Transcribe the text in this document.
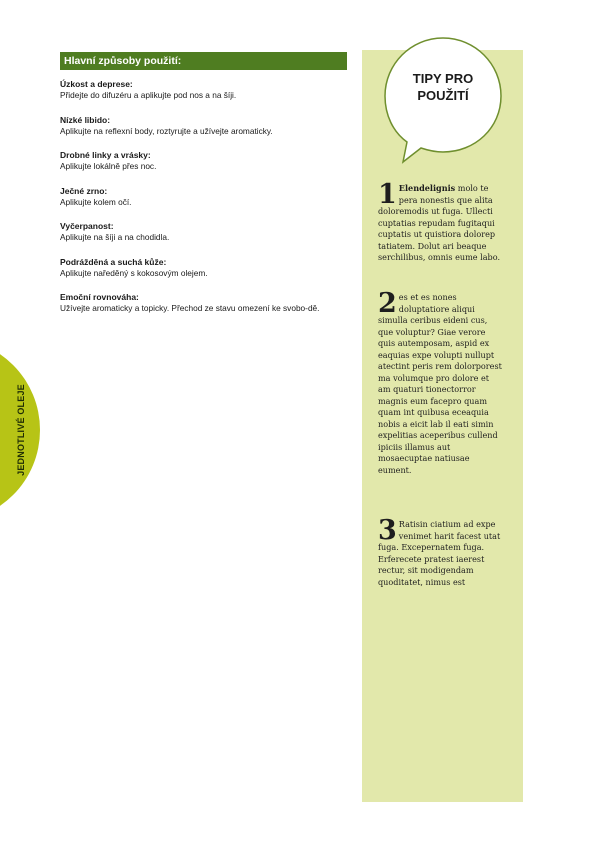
JEDNOTLIVÉ OLEJE
Hlavní způsoby použití:
Úzkost a deprese:
Přidejte do difuzéru a aplikujte pod nos a na šíji.
Nízké libido:
Aplikujte na reflexní body, roztyrujte a užívejte aromaticky.
Drobné linky a vrásky:
Aplikujte lokálně přes noc.
Ječné zrno:
Aplikujte kolem očí.
Vyčerpanost:
Aplikujte na šíji a na chodidla.
Podrážděná a suchá kůže:
Aplikujte naředěný s kokosovým olejem.
Emoční rovnováha:
Užívejte aromaticky a topicky. Přechod ze stavu omezení ke svobo-dě.
TIPY PRO
POUŽITÍ
1 Elendelignis molo te pera nonestis que alita doloremodis ut fuga. Ullecti cuptatias repudam fugitaqui cuptatis ut quistiora dolorep tatiatem. Dolut ari beaque serchilibus, omnis eume labo.
2 es et es nones doluptatiore aliqui simulla ceribus eideni cus, que voluptur? Giae verore quis autemposam, aspid ex eaquias expe volupti nullupt atectint peris rem dolorporest ma volumque pro dolore et am quaturi tionectorror magnis eum facepro quam quam int quibusa eceaquia nobis a eicit lab il eati simin expelitias aceperibus cullend ipiciis illamus aut mosaecuptae natiusae eument.
3 Ratisin ciatium ad expe venimet harit facest utat fuga. Excepernatem fuga. Erferecete pratest iaerest rectur, sit modigendam quoditatet, nimus est
